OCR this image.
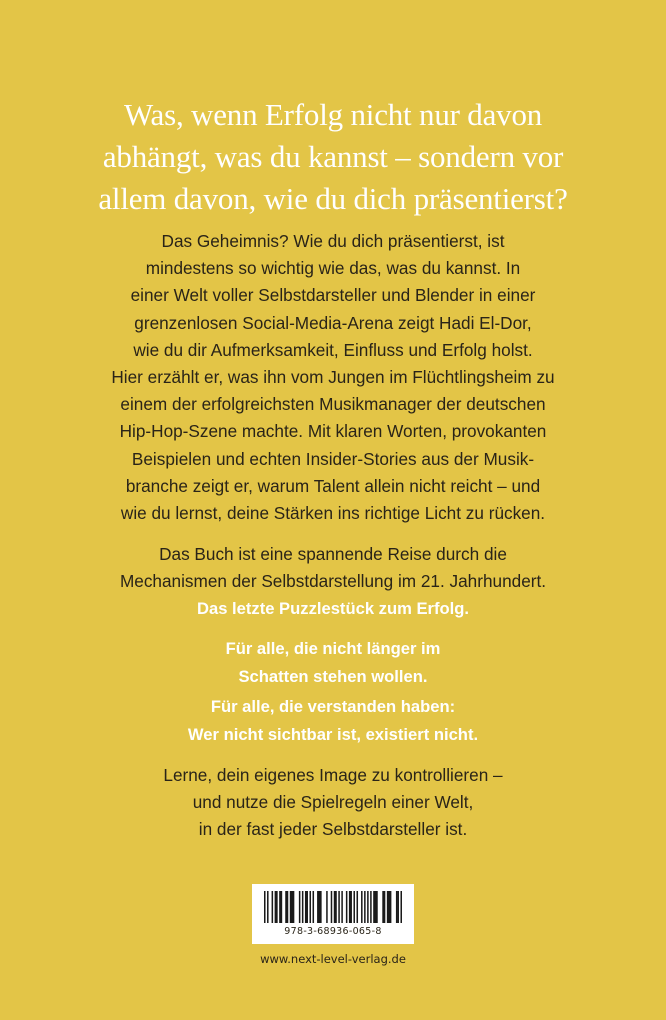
Was, wenn Erfolg nicht nur davon
abhängt, was du kannst – sondern vor
allem davon, wie du dich präsentierst?
Das Geheimnis? Wie du dich präsentierst, ist
mindestens so wichtig wie das, was du kannst. In
einer Welt voller Selbstdarsteller und Blender in einer
grenzenlosen Social-Media-Arena zeigt Hadi El-Dor,
wie du dir Aufmerksamkeit, Einfluss und Erfolg holst.
Hier erzählt er, was ihn vom Jungen im Flüchtlingsheim zu
einem der erfolgreichsten Musikmanager der deutschen
Hip-Hop-Szene machte. Mit klaren Worten, provokanten
Beispielen und echten Insider-Stories aus der Musik-
branche zeigt er, warum Talent allein nicht reicht – und
wie du lernst, deine Stärken ins richtige Licht zu rücken.
Das Buch ist eine spannende Reise durch die
Mechanismen der Selbstdarstellung im 21. Jahrhundert.
Das letzte Puzzlestück zum Erfolg.
Für alle, die nicht länger im
Schatten stehen wollen.
Für alle, die verstanden haben:
Wer nicht sichtbar ist, existiert nicht.
Lerne, dein eigenes Image zu kontrollieren –
und nutze die Spielregeln einer Welt,
in der fast jeder Selbstdarsteller ist.
978-3-68936-065-8
www.next-level-verlag.de
